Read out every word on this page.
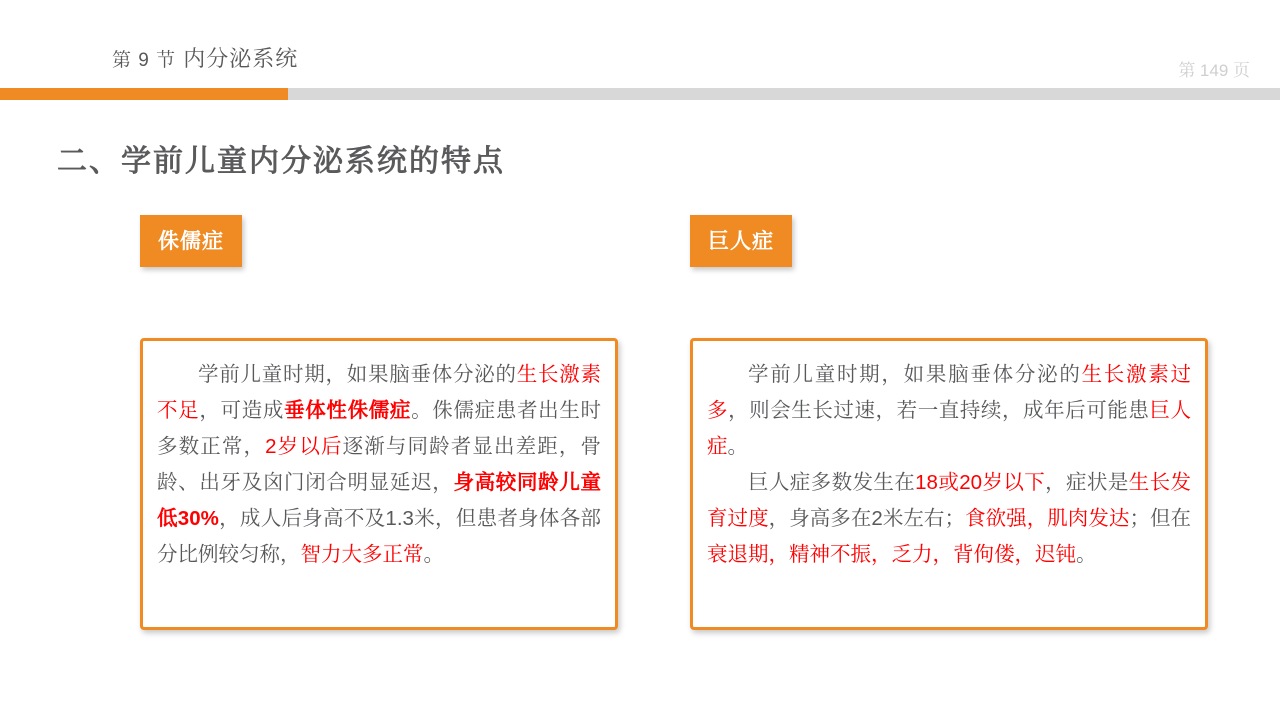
第 9 节 内分泌系统	第 149 页
二、学前儿童内分泌系统的特点
侏儒症

学前儿童时期，如果脑垂体分泌的生长激素不足，可造成垂体性侏儒症。侏儒症患者出生时多数正常，2岁以后逐渐与同龄者显出差距，骨龄、出牙及囟门闭合明显延迟，身高较同龄儿童低30%，成人后身高不及1.3米，但患者身体各部分比例较匀称，智力大多正常。

巨人症

学前儿童时期，如果脑垂体分泌的生长激素过多，则会生长过速，若一直持续，成年后可能患巨人症。

巨人症多数发生在18或20岁以下，症状是生长发育过度，身高多在2米左右；食欲强，肌肉发达；但在衰退期，精神不振，乏力，背佝偻，迟钝。
